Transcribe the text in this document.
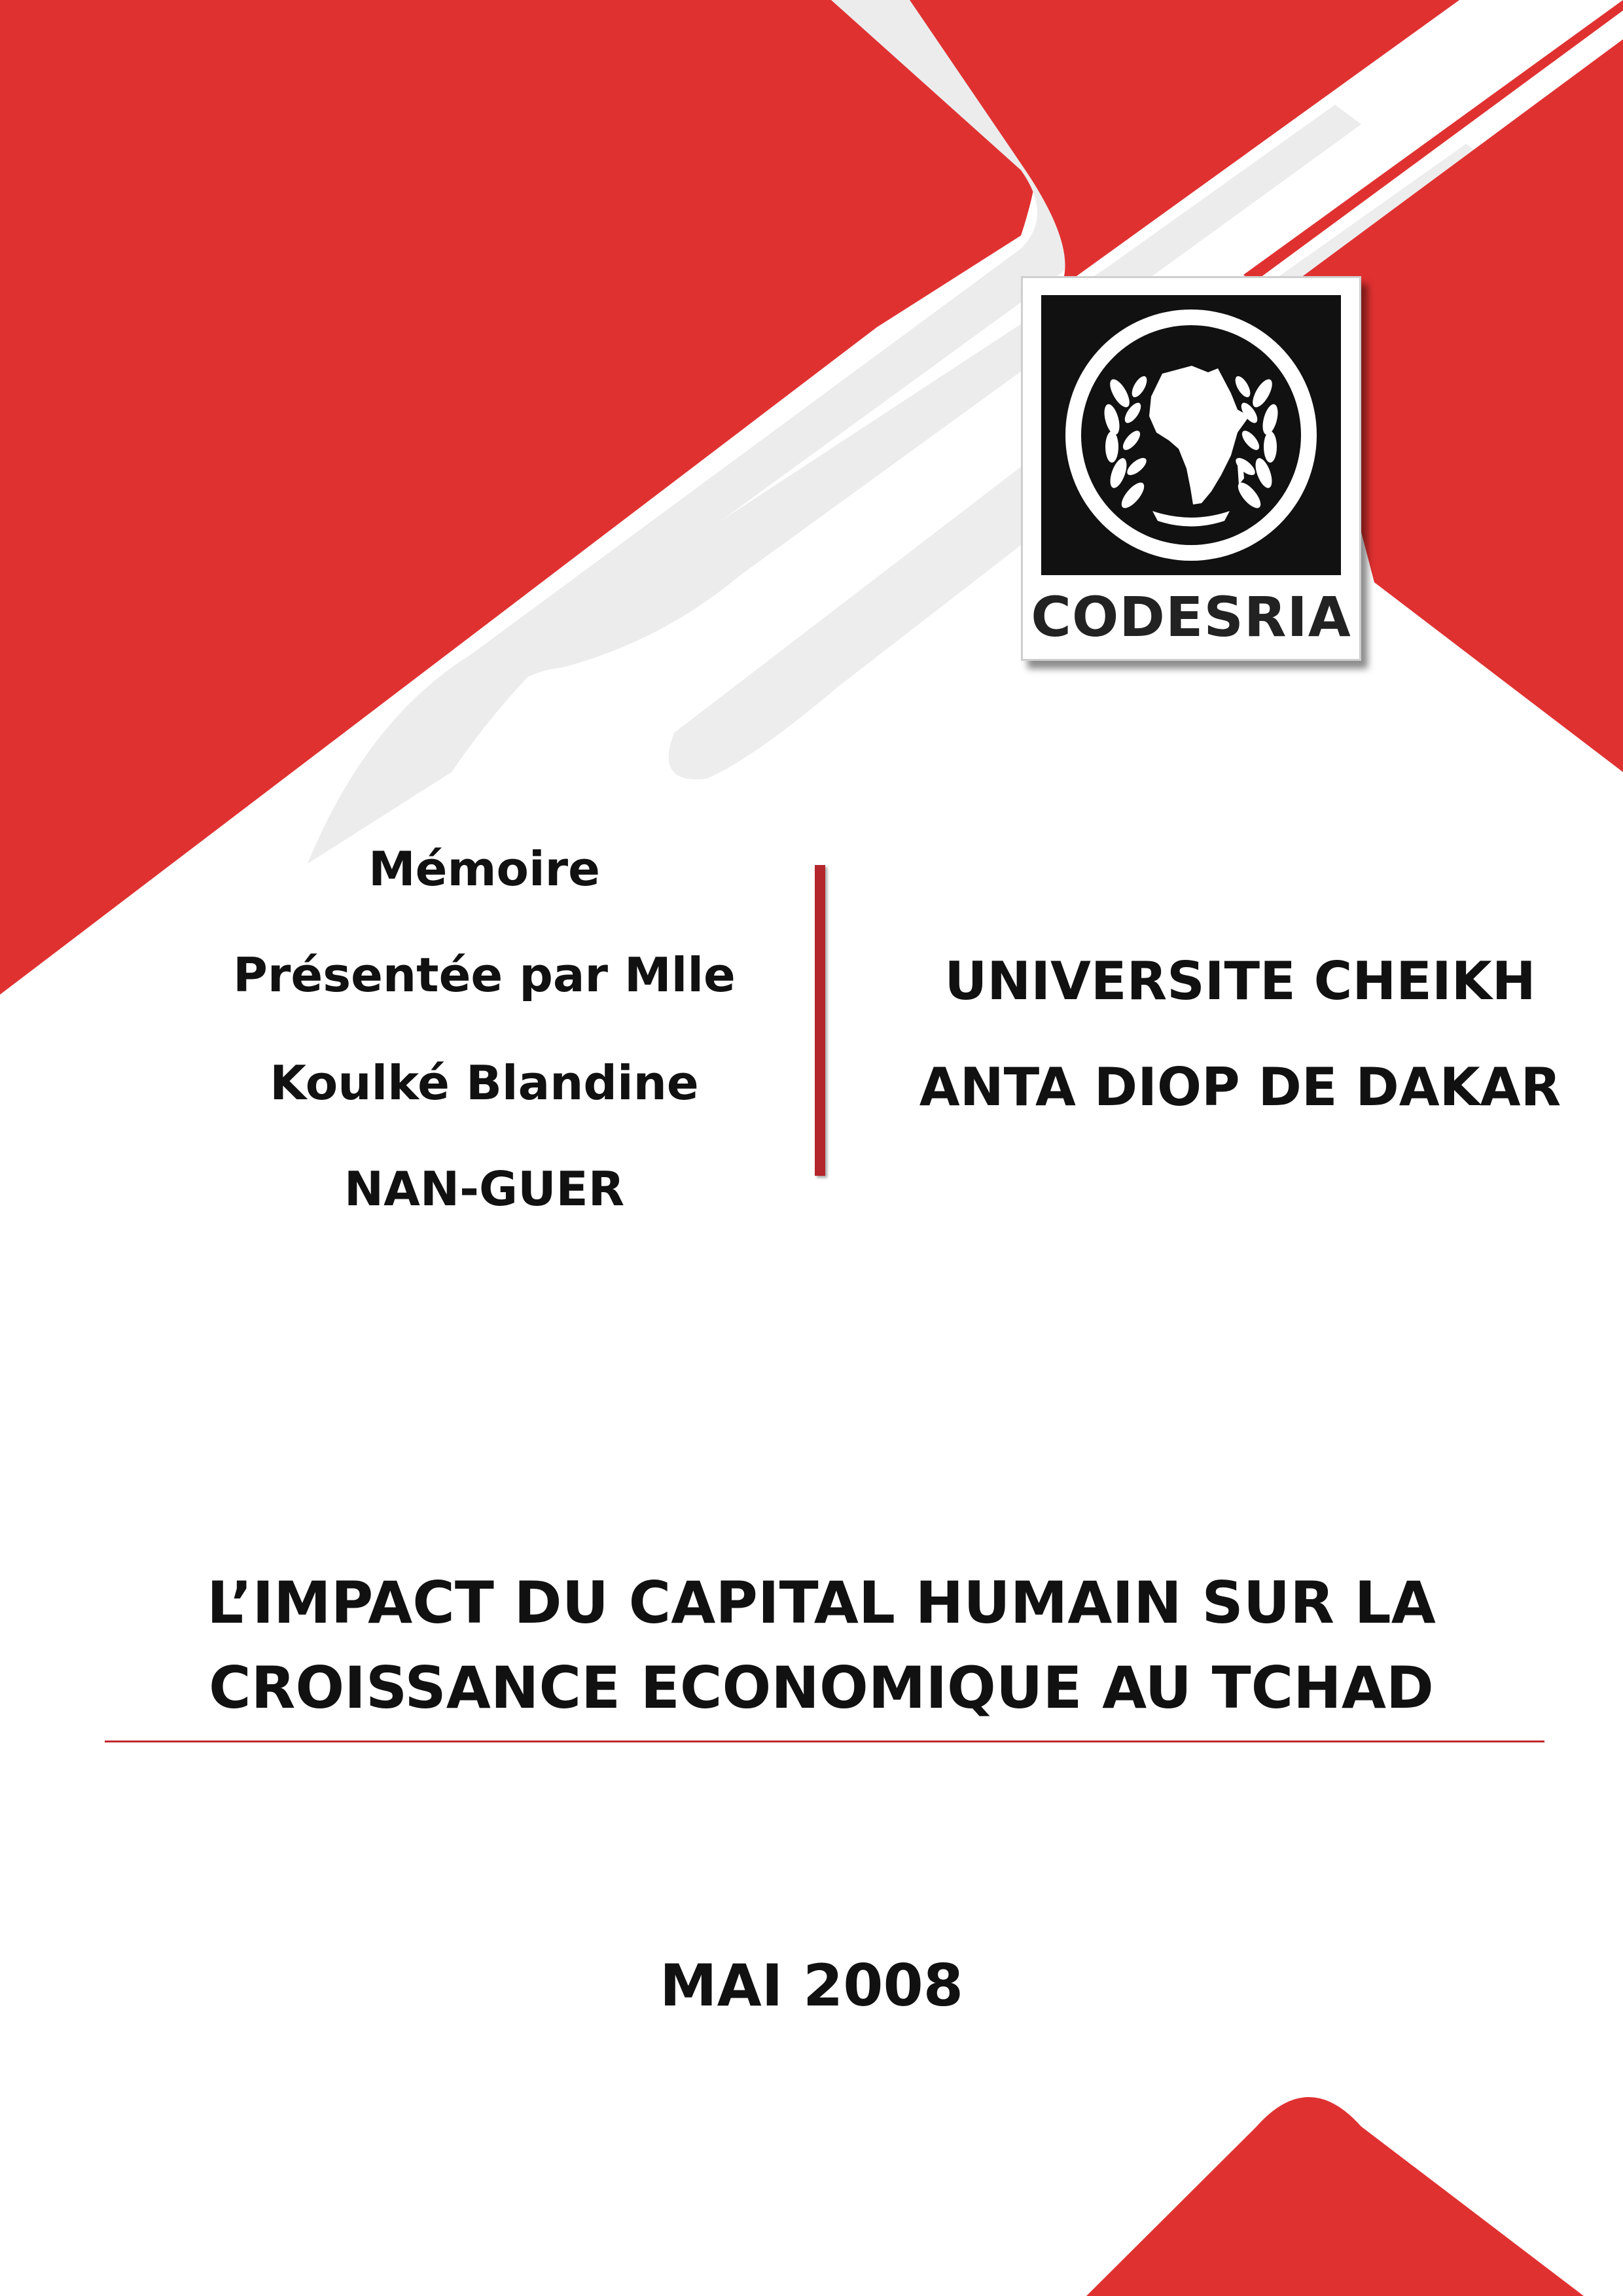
CODESRIA
Mémoire
Présentée par Mlle
Koulké Blandine
NAN-GUER
UNIVERSITE CHEIKH
ANTA DIOP DE DAKAR
L’IMPACT DU CAPITAL HUMAIN SUR LA
CROISSANCE ECONOMIQUE AU TCHAD
MAI 2008
